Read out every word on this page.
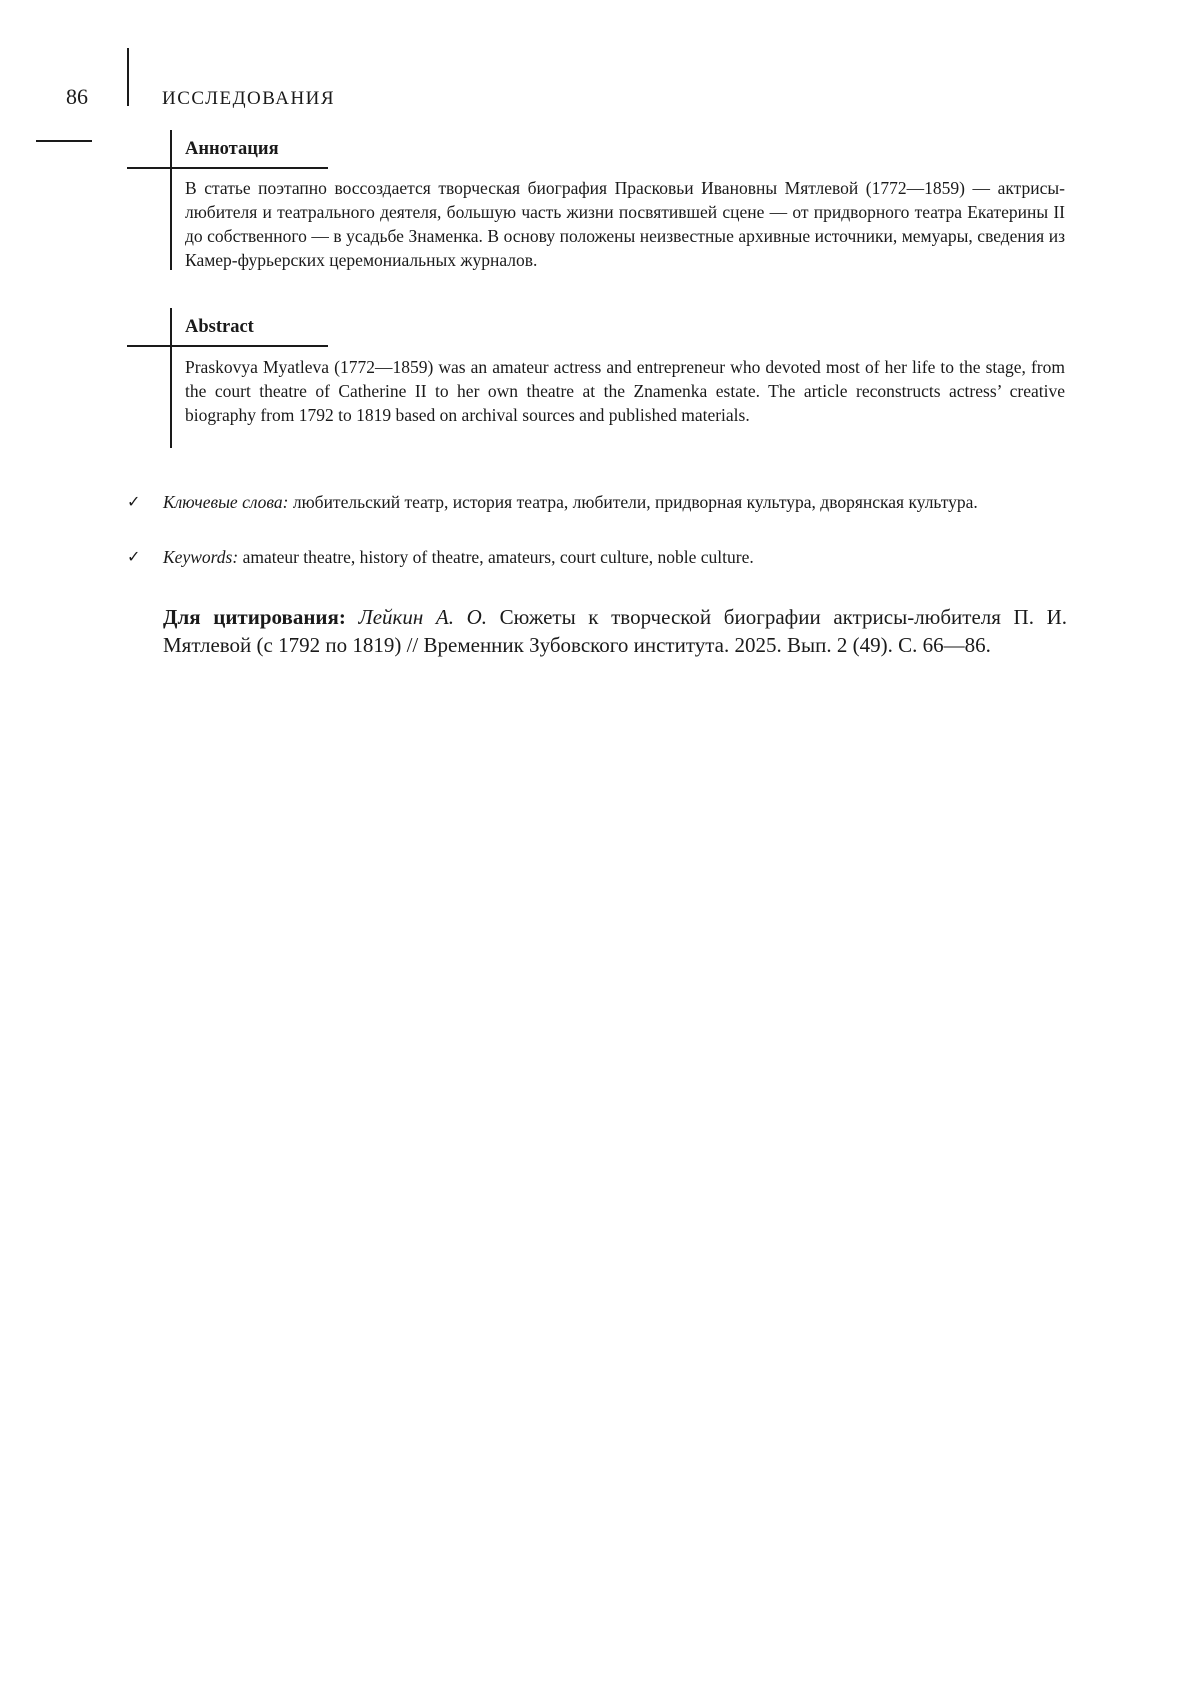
86	ИССЛЕДОВАНИЯ
Аннотация
В статье поэтапно воссоздается творческая биография Прасковьи Ивановны Мятлевой (1772—1859) — актрисы-любителя и театрального деятеля, большую часть жизни посвятившей сцене — от придворного театра Екатерины II до собственного — в усадьбе Знаменка. В основу положены неизвестные архивные источники, мемуары, сведения из Камер-фурьерских церемониальных журналов.
Abstract
Praskovya Myatleva (1772—1859) was an amateur actress and entrepreneur who devoted most of her life to the stage, from the court theatre of Catherine II to her own theatre at the Znamenka estate. The article reconstructs actress’ creative biography from 1792 to 1819 based on archival sources and published materials.
✓ Ключевые слова: любительский театр, история театра, любители, придворная культура, дворянская культура.
✓ Keywords: amateur theatre, history of theatre, amateurs, court culture, noble culture.
Для цитирования: Лейкин А. О. Сюжеты к творческой биографии актрисы-любителя П. И. Мятлевой (с 1792 по 1819) // Временник Зубовского института. 2025. Вып. 2 (49). С. 66—86.
